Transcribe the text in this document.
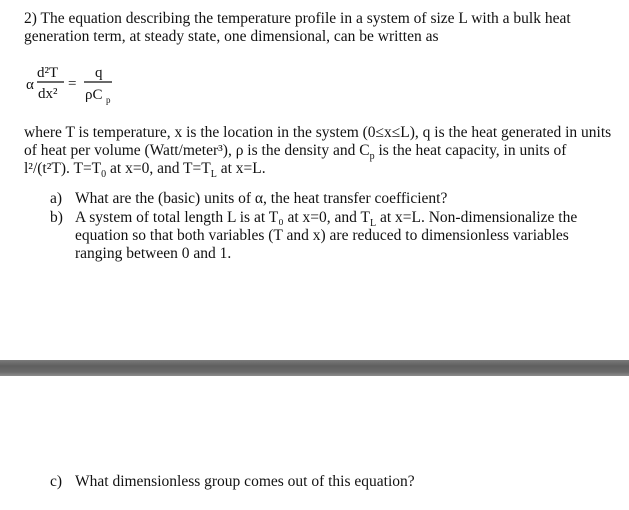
2) The equation describing the temperature profile in a system of size L with a bulk heat generation term, at steady state, one dimensional, can be written as

α
d²T
dx²
=
q
ρC p

where T is temperature, x is the location in the system (0≤x≤L), q is the heat generated in units of heat per volume (Watt/meter³), ρ is the density and $C_p$ is the heat capacity, in units of l²/(t²T). $T=T_0$ at x=0, and $T=T_L$ at x=L.

a) What are the (basic) units of α, the heat transfer coefficient?
b) A system of total length L is at T₀ at x=0, and $T_L$ at x=L. Non-dimensionalize the equation so that both variables (T and x) are reduced to dimensionless variables ranging between 0 and 1.
c) What dimensionless group comes out of this equation?
